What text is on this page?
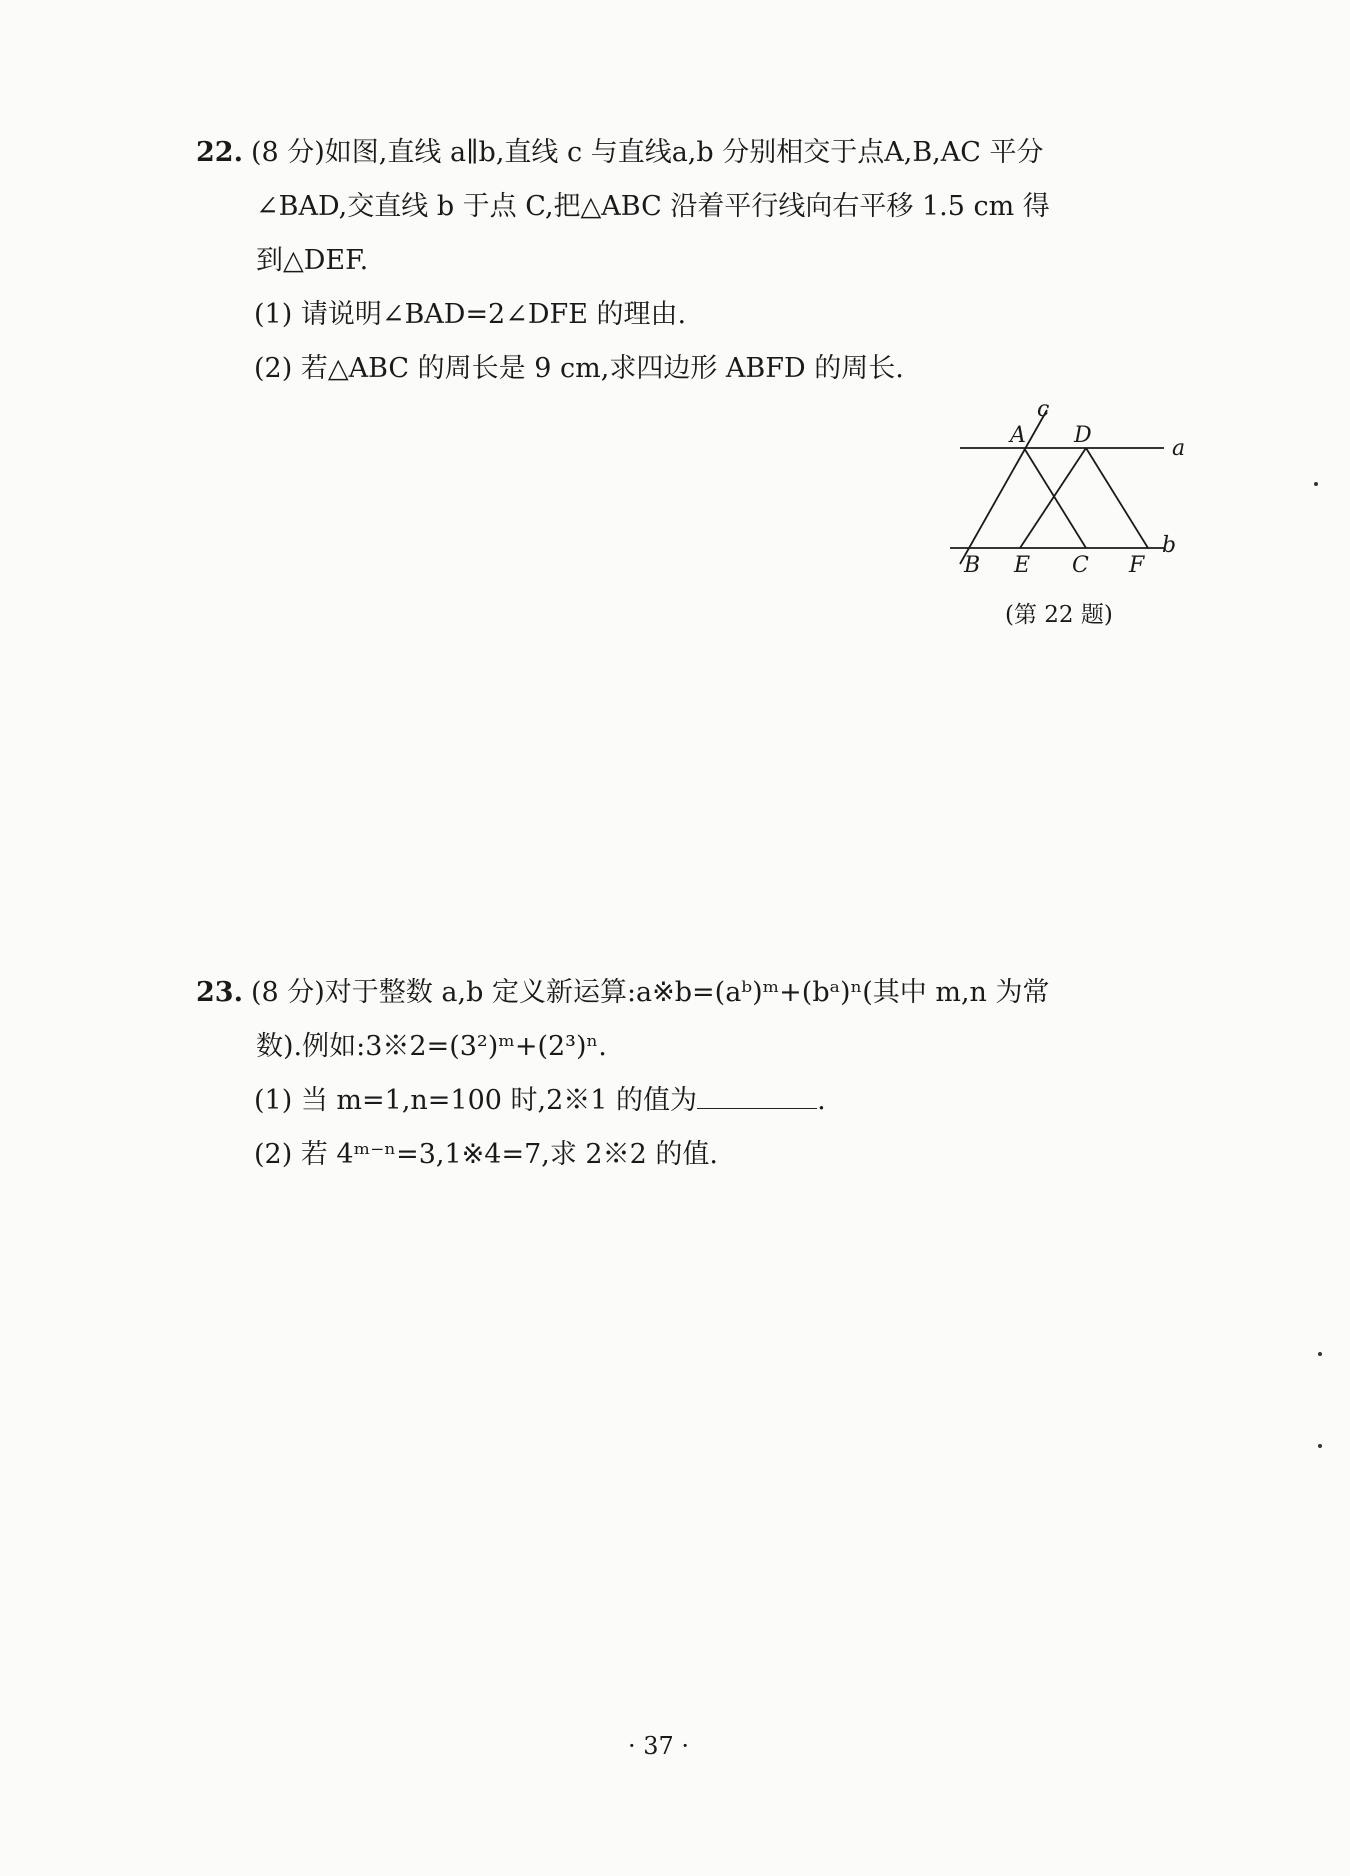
22. (8 分)如图,直线 a∥b,直线 c 与直线a,b 分别相交于点A,B,AC 平分
∠BAD,交直线 b 于点 C,把△ABC 沿着平行线向右平移 1.5 cm 得
到△DEF.
(1) 请说明∠BAD=2∠DFE 的理由.
(2) 若△ABC 的周长是 9 cm,求四边形 ABFD 的周长.
c
A D
a
b
B E C F
(第 22 题)
23. (8 分)对于整数 a,b 定义新运算:a※b=(aᵇ)ᵐ+(bᵃ)ⁿ(其中 m,n 为常
数).例如:3※2=(3²)ᵐ+(2³)ⁿ.
(1) 当 m=1,n=100 时,2※1 的值为	.
(2) 若 4ᵐ⁻ⁿ=3,1※4=7,求 2※2 的值.
· 37 ·
